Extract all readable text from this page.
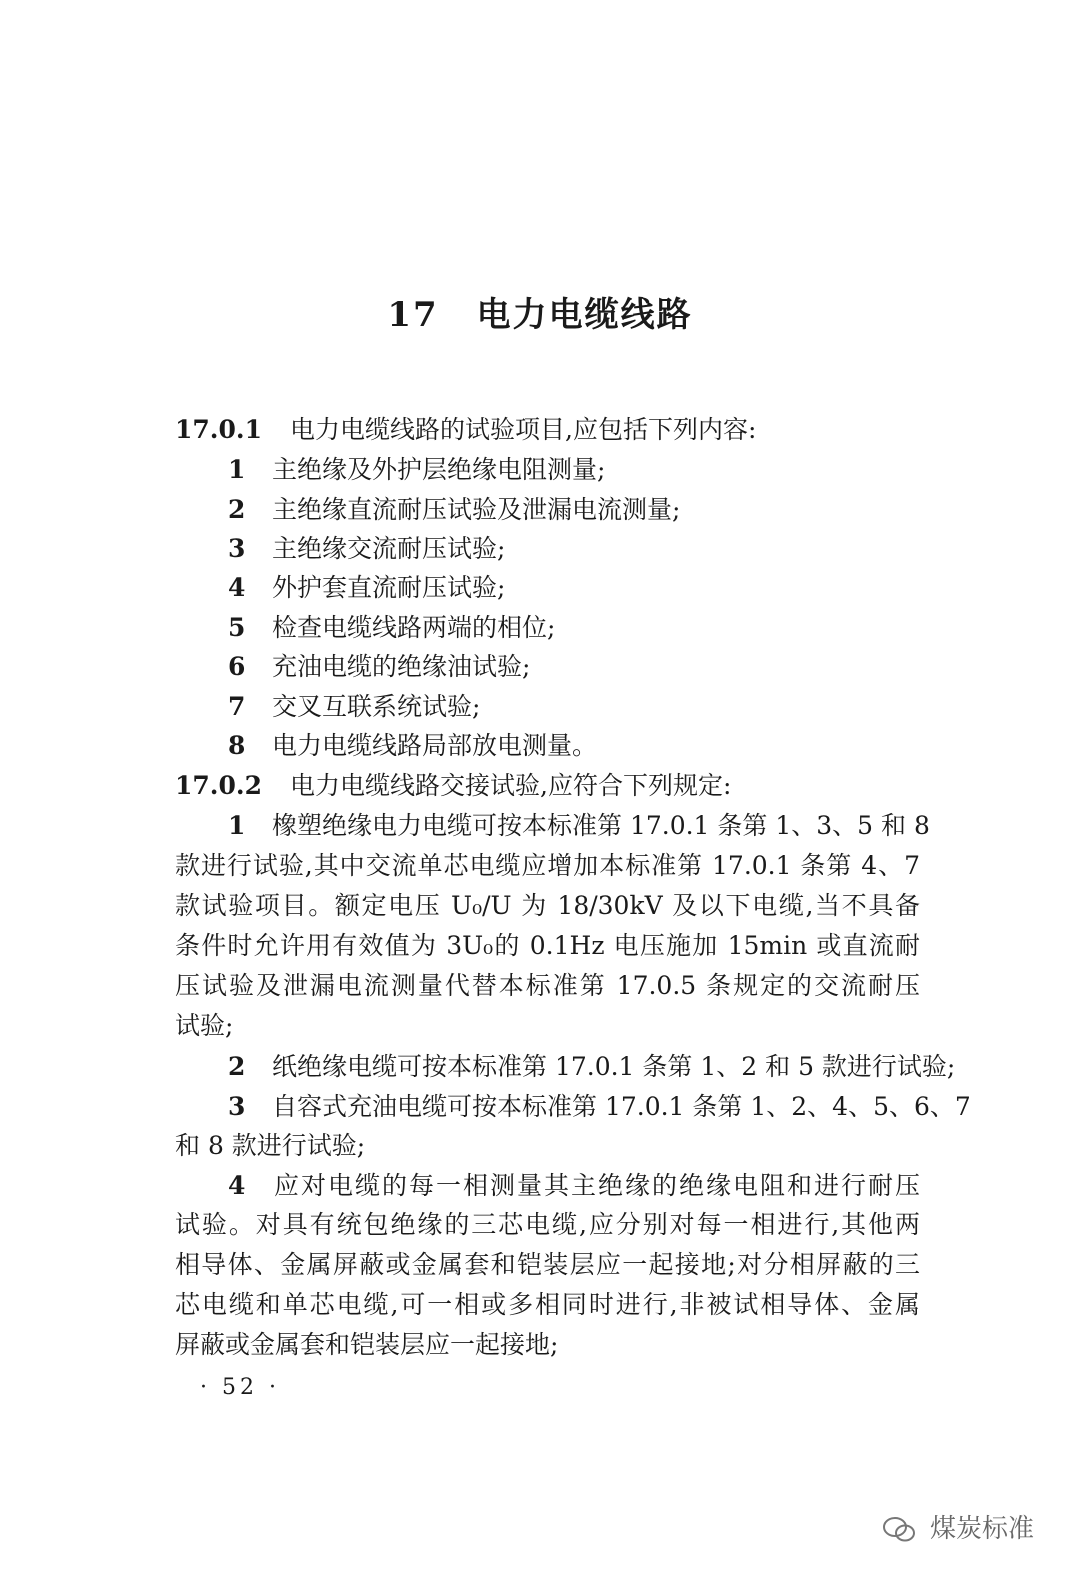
17 电力电缆线路
17.0.1 电力电缆线路的试验项目,应包括下列内容:
1 主绝缘及外护层绝缘电阻测量;
2 主绝缘直流耐压试验及泄漏电流测量;
3 主绝缘交流耐压试验;
4 外护套直流耐压试验;
5 检查电缆线路两端的相位;
6 充油电缆的绝缘油试验;
7 交叉互联系统试验;
8 电力电缆线路局部放电测量。
17.0.2 电力电缆线路交接试验,应符合下列规定:
1 橡塑绝缘电力电缆可按本标准第 17.0.1 条第 1、3、5 和 8
款进行试验,其中交流单芯电缆应增加本标准第 17.0.1 条第 4、7
款试验项目。额定电压 U₀/U 为 18/30kV 及以下电缆,当不具备
条件时允许用有效值为 3U₀的 0.1Hz 电压施加 15min 或直流耐
压试验及泄漏电流测量代替本标准第 17.0.5 条规定的交流耐压
试验;
2 纸绝缘电缆可按本标准第 17.0.1 条第 1、2 和 5 款进行试验;
3 自容式充油电缆可按本标准第 17.0.1 条第 1、2、4、5、6、7
和 8 款进行试验;
4 应对电缆的每一相测量其主绝缘的绝缘电阻和进行耐压
试验。对具有统包绝缘的三芯电缆,应分别对每一相进行,其他两
相导体、金属屏蔽或金属套和铠装层应一起接地;对分相屏蔽的三
芯电缆和单芯电缆,可一相或多相同时进行,非被试相导体、金属
屏蔽或金属套和铠装层应一起接地;
· 52 ·
煤炭标准
